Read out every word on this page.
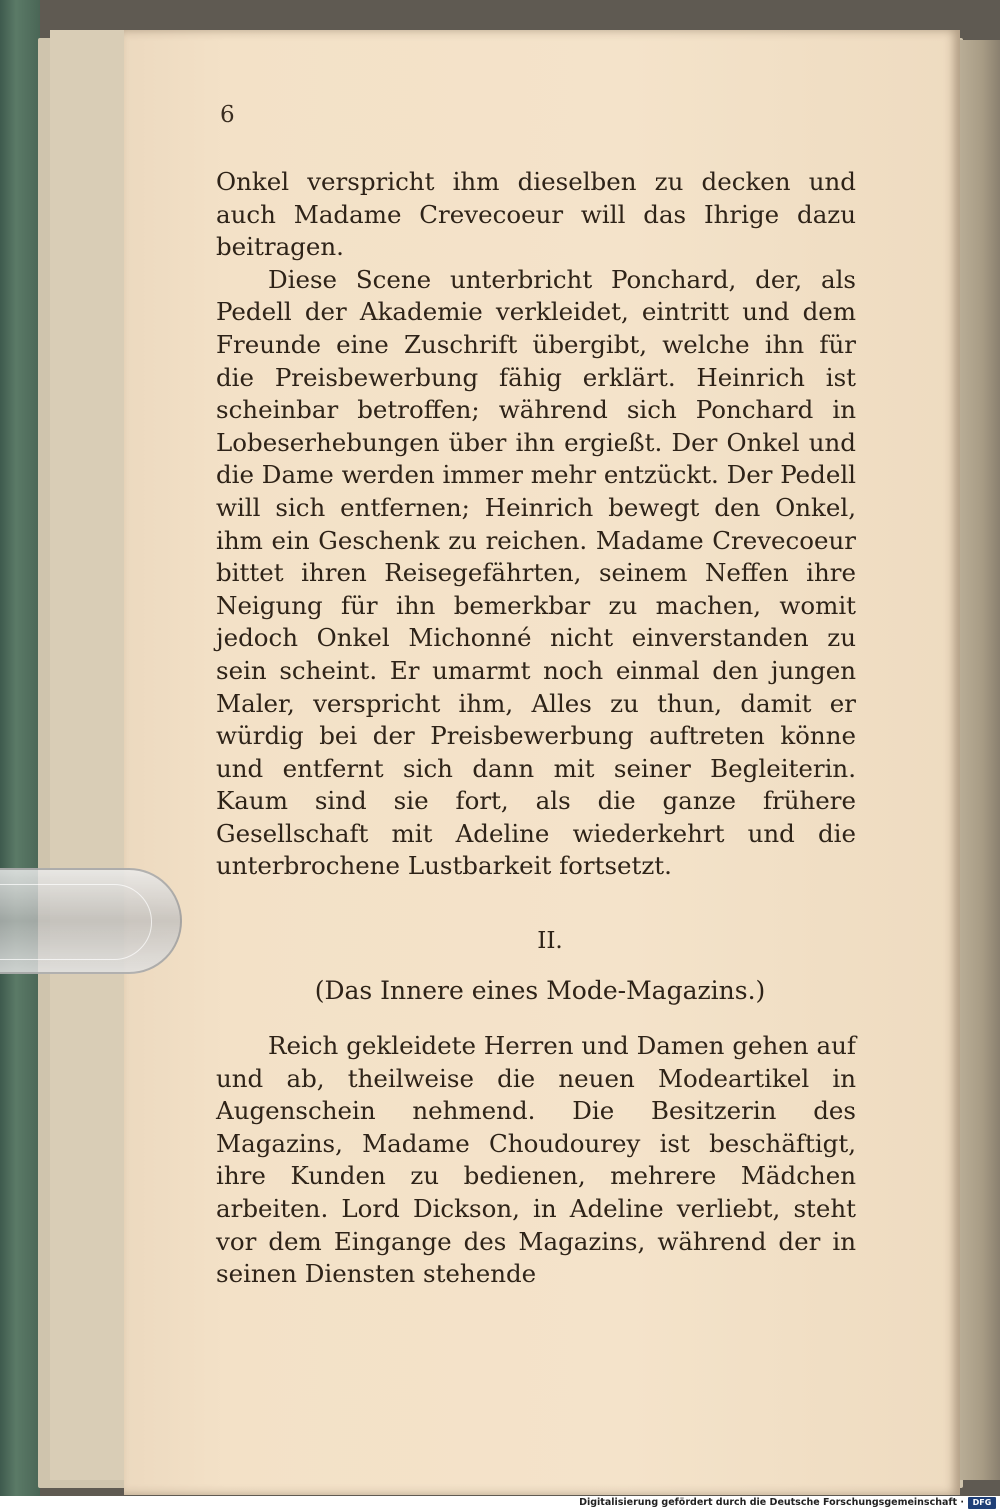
6

Onkel verspricht ihm dieselben zu decken und auch Madame Crevecoeur will das Ihrige dazu beitragen.

Diese Scene unterbricht Ponchard, der, als Pedell der Akademie verkleidet, eintritt und dem Freunde eine Zuschrift übergibt, welche ihn für die Preisbewerbung fähig erklärt. Heinrich ist scheinbar betroffen; während sich Ponchard in Lobeserhebungen über ihn ergießt. Der Onkel und die Dame werden immer mehr entzückt. Der Pedell will sich entfernen; Heinrich bewegt den Onkel, ihm ein Geschenk zu reichen. Madame Crevecoeur bittet ihren Reisegefährten, seinem Neffen ihre Neigung für ihn bemerkbar zu machen, womit jedoch Onkel Michonné nicht einverstanden zu sein scheint. Er umarmt noch einmal den jungen Maler, verspricht ihm, Alles zu thun, damit er würdig bei der Preisbewerbung auftreten könne und entfernt sich dann mit seiner Begleiterin. Kaum sind sie fort, als die ganze frühere Gesellschaft mit Adeline wiederkehrt und die unterbrochene Lustbarkeit fortsetzt.

II.
(Das Innere eines Mode-Magazins.)

Reich gekleidete Herren und Damen gehen auf und ab, theilweise die neuen Modeartikel in Augenschein nehmend. Die Besitzerin des Magazins, Madame Choudourey ist beschäftigt, ihre Kunden zu bedienen, mehrere Mädchen arbeiten. Lord Dickson, in Adeline verliebt, steht vor dem Eingange des Magazins, während der in seinen Diensten stehende

Digitalisierung gefördert durch die Deutsche Forschungsgemeinschaft ·	DFG
